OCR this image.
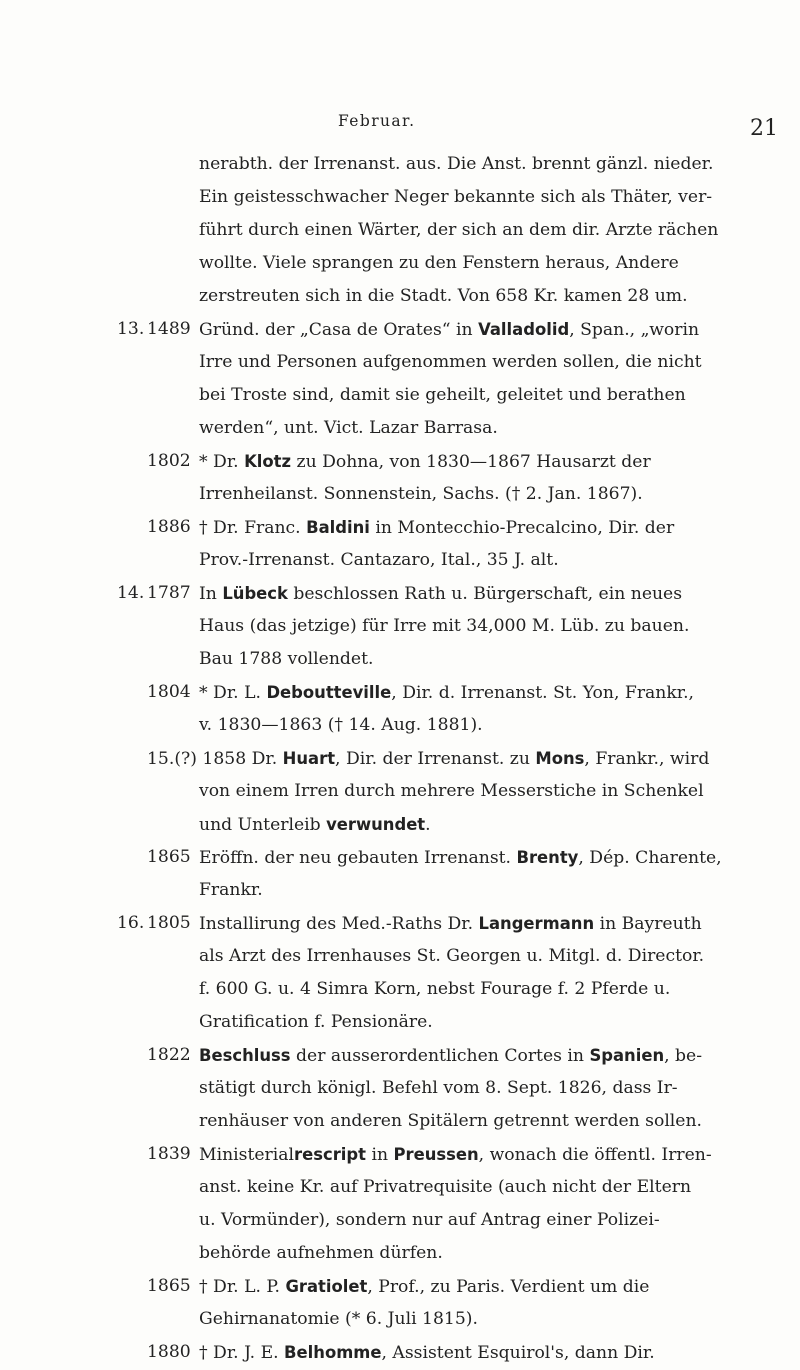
Februar.	21
nerabth. der Irrenanst. aus. Die Anst. brennt gänzl. nieder.
Ein geistesschwacher Neger bekannte sich als Thäter, ver-
führt durch einen Wärter, der sich an dem dir. Arzte rächen
wollte. Viele sprangen zu den Fenstern heraus, Andere
zerstreuten sich in die Stadt. Von 658 Kr. kamen 28 um.
13. 1489 Gründ. der „Casa de Orates“ in Valladolid, Span., „worin
Irre und Personen aufgenommen werden sollen, die nicht
bei Troste sind, damit sie geheilt, geleitet und berathen
werden“, unt. Vict. Lazar Barrasa.
1802 * Dr. Klotz zu Dohna, von 1830—1867 Hausarzt der
Irrenheilanst. Sonnenstein, Sachs. († 2. Jan. 1867).
1886 † Dr. Franc. Baldini in Montecchio-Precalcino, Dir. der
Prov.-Irrenanst. Cantazaro, Ital., 35 J. alt.
14. 1787 In Lübeck beschlossen Rath u. Bürgerschaft, ein neues
Haus (das jetzige) für Irre mit 34,000 M. Lüb. zu bauen.
Bau 1788 vollendet.
1804 * Dr. L. Deboutteville, Dir. d. Irrenanst. St. Yon, Frankr.,
v. 1830—1863 († 14. Aug. 1881).
15.(?) 1858 Dr. Huart, Dir. der Irrenanst. zu Mons, Frankr., wird
von einem Irren durch mehrere Messerstiche in Schenkel
und Unterleib verwundet.
1865 Eröffn. der neu gebauten Irrenanst. Brenty, Dép. Charente,
Frankr.
16. 1805 Installirung des Med.-Raths Dr. Langermann in Bayreuth
als Arzt des Irrenhauses St. Georgen u. Mitgl. d. Director.
f. 600 G. u. 4 Simra Korn, nebst Fourage f. 2 Pferde u.
Gratification f. Pensionäre.
1822 Beschluss der ausserordentlichen Cortes in Spanien, be-
stätigt durch königl. Befehl vom 8. Sept. 1826, dass Ir-
renhäuser von anderen Spitälern getrennt werden sollen.
1839 Ministerialrescript in Preussen, wonach die öffentl. Irren-
anst. keine Kr. auf Privatrequisite (auch nicht der Eltern
u. Vormünder), sondern nur auf Antrag einer Polizei-
behörde aufnehmen dürfen.
1865 † Dr. L. P. Gratiolet, Prof., zu Paris. Verdient um die
Gehirnanatomie (* 6. Juli 1815).
1880 † Dr. J. E. Belhomme, Assistent Esquirol's, dann Dir.
